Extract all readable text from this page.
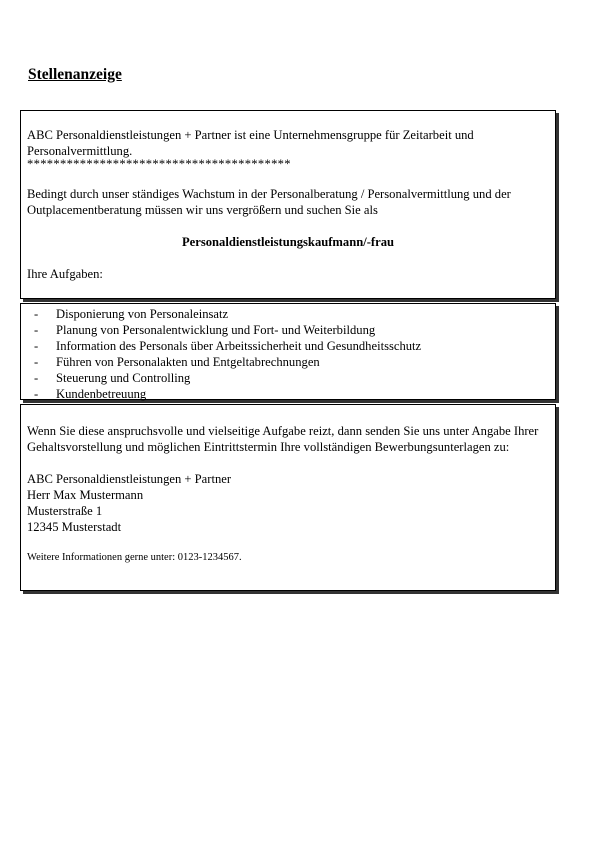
Stellenanzeige

ABC Personaldienstleistungen + Partner ist eine Unternehmensgruppe für Zeitarbeit und Personalvermittlung.

****************************************

Bedingt durch unser ständiges Wachstum in der Personalberatung / Personalvermittlung und der Outplacementberatung müssen wir uns vergrößern und suchen Sie als

Personaldienstleistungskaufmann/-frau

Ihre Aufgaben:

-	Disponierung von Personaleinsatz
-	Planung von Personalentwicklung und Fort- und Weiterbildung
-	Information des Personals über Arbeitssicherheit und Gesundheitsschutz
-	Führen von Personalakten und Entgeltabrechnungen
-	Steuerung und Controlling
-	Kundenbetreuung

Wenn Sie diese anspruchsvolle und vielseitige Aufgabe reizt, dann senden Sie uns unter Angabe Ihrer Gehaltsvorstellung und möglichen Eintrittstermin Ihre vollständigen Bewerbungsunterlagen zu:

ABC Personaldienstleistungen + Partner

Herr Max Mustermann

Musterstraße 1

12345 Musterstadt

Weitere Informationen gerne unter: 0123-1234567.
